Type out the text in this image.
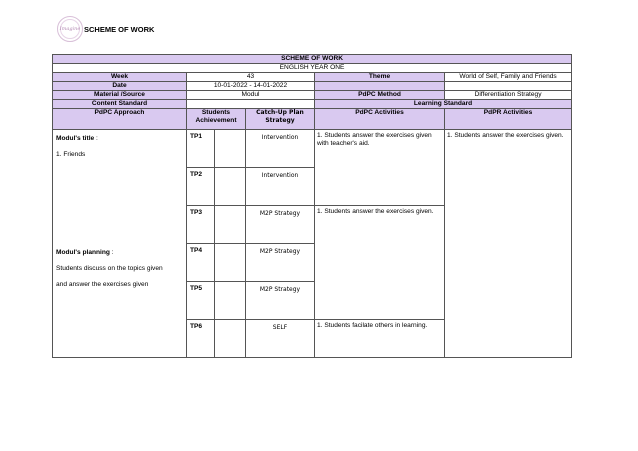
Imagine SCHEME OF WORK
SCHEME OF WORK					
ENGLISH YEAR ONE					
Week	43			Theme	World of Self, Family and Friends
Date	10-01-2022 - 14-01-2022				
Material /Source	Modul			PdPC Method	Differentiation Strategy
Content Standard				Learning Standard	
PdPC Approach	Students Achievement		Catch-Up Plan Strategy	PdPC Activities	PdPR Activities

Modul's title :

1. Friends

Modul's planning :

Students discuss on the topics given

and answer the exercises given	TP1		Intervention	1. Students answer the exercises given with teacher's aid.	1. Students answer the exercises given.
	TP2		Intervention		
	TP3		M2P Strategy	1. Students answer the exercises given.	
	TP4		M2P Strategy		
	TP5		M2P Strategy		
	TP6		SELF	1. Students facilate others in learning.	
